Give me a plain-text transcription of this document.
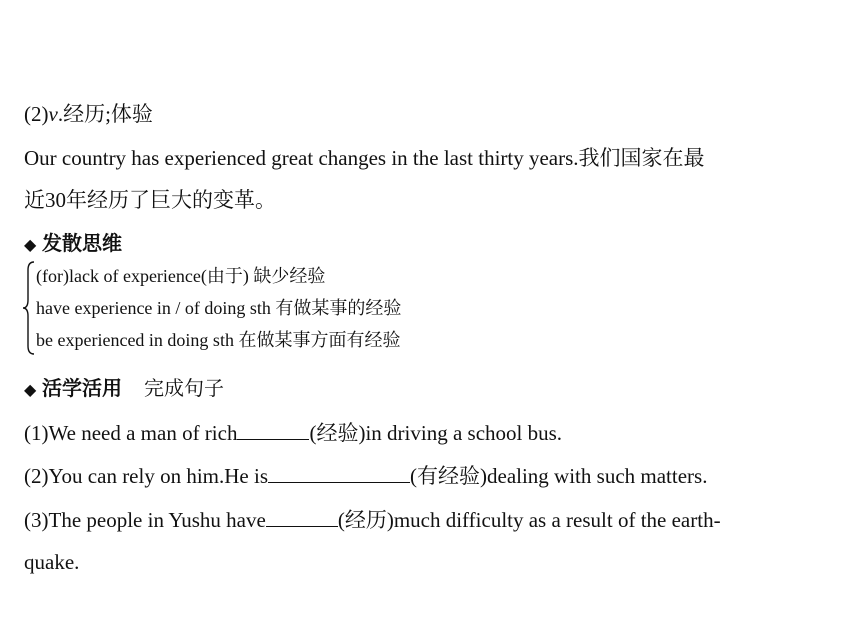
(2)v.经历;体验
Our country has experienced great changes in the last thirty years.我们国家在最
近30年经历了巨大的变革。
◆ 发散思维
(for)lack of experience(由于) 缺少经验
have experience in / of doing sth 有做某事的经验
be experienced in doing sth 在做某事方面有经验
◆ 活学活用 完成句子
(1)We need a man of rich	(经验)in driving a school bus.
(2)You can rely on him.He is	(有经验)dealing with such matters.
(3)The people in Yushu have	(经历)much difficulty as a result of the earth-
quake.
